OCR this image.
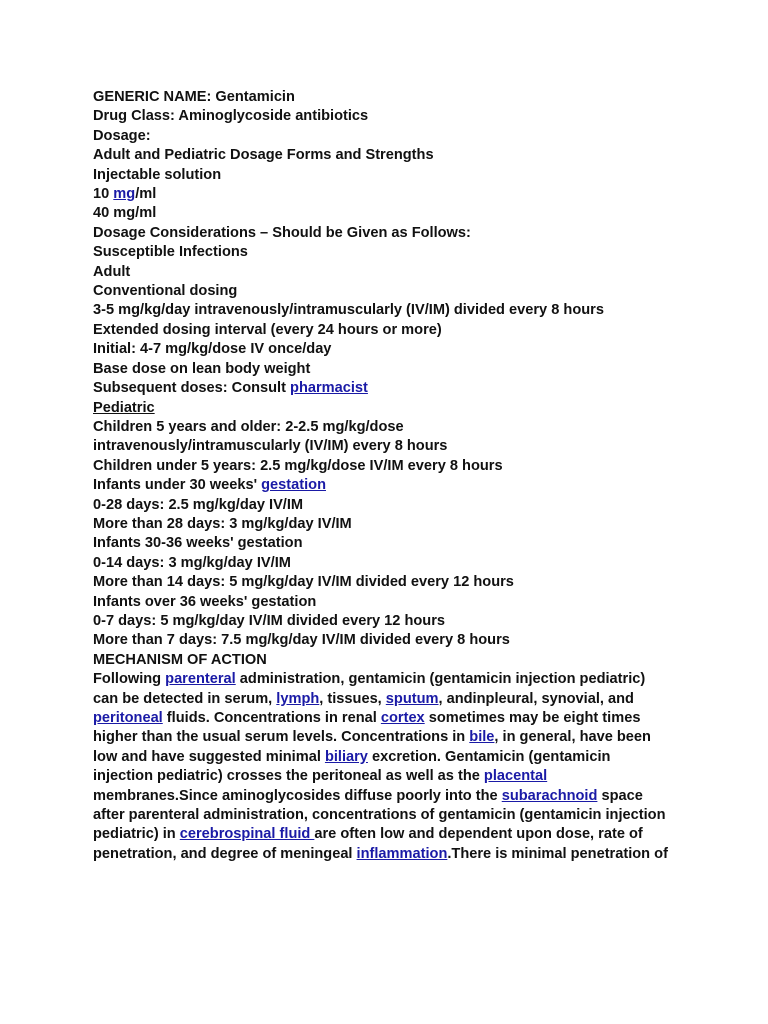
GENERIC NAME: Gentamicin
Drug Class: Aminoglycoside antibiotics
Dosage:
Adult and Pediatric Dosage Forms and Strengths
Injectable solution
10 mg/ml
40 mg/ml
Dosage Considerations – Should be Given as Follows:
Susceptible Infections
Adult
Conventional dosing
3-5 mg/kg/day intravenously/intramuscularly (IV/IM) divided every 8 hours
Extended dosing interval (every 24 hours or more)
Initial: 4-7 mg/kg/dose IV once/day
Base dose on lean body weight
Subsequent doses: Consult pharmacist
Pediatric
Children 5 years and older: 2-2.5 mg/kg/dose
intravenously/intramuscularly (IV/IM) every 8 hours
Children under 5 years: 2.5 mg/kg/dose IV/IM every 8 hours
Infants under 30 weeks' gestation
0-28 days: 2.5 mg/kg/day IV/IM
More than 28 days: 3 mg/kg/day IV/IM
Infants 30-36 weeks' gestation
0-14 days: 3 mg/kg/day IV/IM
More than 14 days: 5 mg/kg/day IV/IM divided every 12 hours
Infants over 36 weeks' gestation
0-7 days: 5 mg/kg/day IV/IM divided every 12 hours
More than 7 days: 7.5 mg/kg/day IV/IM divided every 8 hours
MECHANISM OF ACTION
Following parenteral administration, gentamicin (gentamicin injection pediatric) can be detected in serum, lymph, tissues, sputum, andinpleural, synovial, and peritoneal fluids. Concentrations in renal cortex sometimes may be eight times higher than the usual serum levels. Concentrations in bile, in general, have been low and have suggested minimal biliary excretion. Gentamicin (gentamicin injection pediatric) crosses the peritoneal as well as the placental membranes.Since aminoglycosides diffuse poorly into the subarachnoid space after parenteral administration, concentrations of gentamicin (gentamicin injection pediatric) in cerebrospinal fluid are often low and dependent upon dose, rate of penetration, and degree of meningeal inflammation.There is minimal penetration of
